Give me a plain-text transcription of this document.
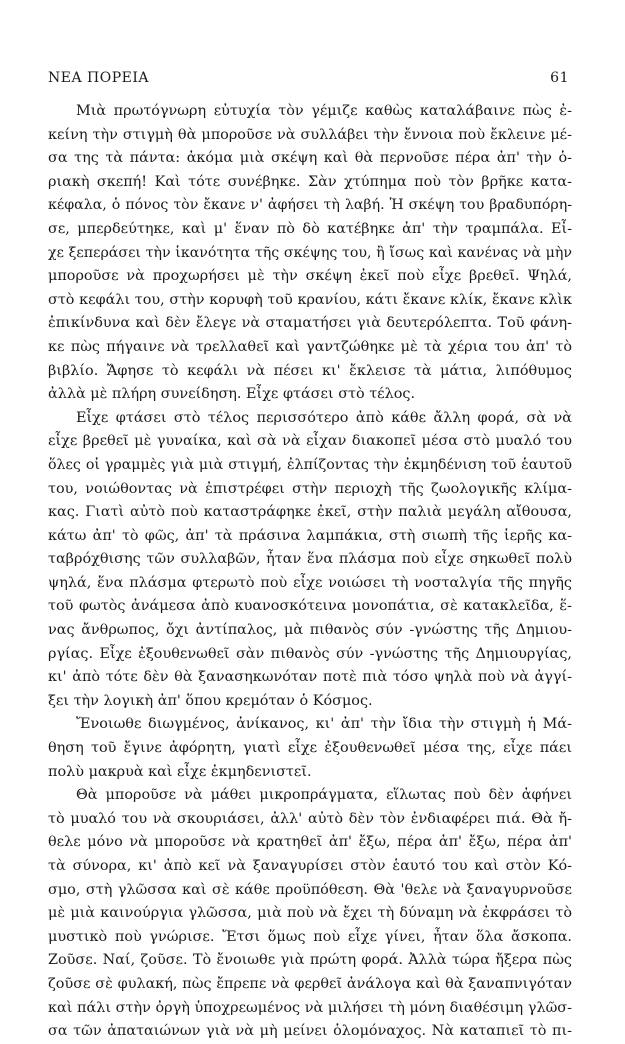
ΝΕΑ ΠΟΡΕΙΑ	61
Μιὰ πρωτόγνωρη εὐτυχία τὸν γέμιζε καθὼς καταλάβαινε πὼς ἐ-
κείνη τὴν στιγμὴ θὰ μποροῦσε νὰ συλλάβει τὴν ἔννοια ποὺ ἔκλεινε μέ-
σα της τὰ πάντα: ἀκόμα μιὰ σκέψη καὶ θὰ περνοῦσε πέρα ἀπ' τὴν ὁ-
ριακὴ σκεπή! Καὶ τότε συνέβηκε. Σὰν χτύπημα ποὺ τὸν βρῆκε κατα-
κέφαλα, ὁ πόνος τὸν ἔκανε ν' ἀφήσει τὴ λαβή. Ἡ σκέψη του βραδυπόρη-
σε, μπερδεύτηκε, καὶ μ' ἕναν πὸ δὸ κατέβηκε ἀπ' τὴν τραμπάλα. Εἶ-
χε ξεπεράσει τὴν ἱκανότητα τῆς σκέψης του, ἢ ἴσως καὶ κανένας νὰ μὴν
μποροῦσε νὰ προχωρήσει μὲ τὴν σκέψη ἐκεῖ ποὺ εἶχε βρεθεῖ. Ψηλά,
στὸ κεφάλι του, στὴν κορυφὴ τοῦ κρανίου, κάτι ἔκανε κλίκ, ἔκανε κλὶκ
ἐπικίνδυνα καὶ δὲν ἔλεγε νὰ σταματήσει γιὰ δευτερόλεπτα. Τοῦ φάνη-
κε πὼς πήγαινε νὰ τρελλαθεῖ καὶ γαντζώθηκε μὲ τὰ χέρια του ἀπ' τὸ
βιβλίο. Ἄφησε τὸ κεφάλι νὰ πέσει κι' ἔκλεισε τὰ μάτια, λιπόθυμος
ἀλλὰ μὲ πλήρη συνείδηση. Εἶχε φτάσει στὸ τέλος.
Εἶχε φτάσει στὸ τέλος περισσότερο ἀπὸ κάθε ἄλλη φορά, σὰ νὰ
εἶχε βρεθεῖ μὲ γυναίκα, καὶ σὰ νὰ εἶχαν διακοπεῖ μέσα στὸ μυαλό του
ὅλες οἱ γραμμὲς γιὰ μιὰ στιγμή, ἐλπίζοντας τὴν ἐκμηδένιση τοῦ ἑαυτοῦ
του, νοιώθοντας νὰ ἐπιστρέφει στὴν περιοχὴ τῆς ζωολογικῆς κλίμα-
κας. Γιατὶ αὐτὸ ποὺ καταστράφηκε ἐκεῖ, στὴν παλιὰ μεγάλη αἴθουσα,
κάτω ἀπ' τὸ φῶς, ἀπ' τὰ πράσινα λαμπάκια, στὴ σιωπὴ τῆς ἱερῆς κα-
ταβρόχθισης τῶν συλλαβῶν, ἦταν ἕνα πλάσμα ποὺ εἶχε σηκωθεῖ πολὺ
ψηλά, ἕνα πλάσμα φτερωτὸ ποὺ εἶχε νοιώσει τὴ νοσταλγία τῆς πηγῆς
τοῦ φωτὸς ἀνάμεσα ἀπὸ κυανοσκότεινα μονοπάτια, σὲ κατακλεῖδα, ἕ-
νας ἄνθρωπος, ὄχι ἀντίπαλος, μὰ πιθανὸς σύν -γνώστης τῆς Δημιου-
ργίας. Εἶχε ἐξουθενωθεῖ σὰν πιθανὸς σύν -γνώστης τῆς Δημιουργίας,
κι' ἀπὸ τότε δὲν θὰ ξανασηκωνόταν ποτὲ πιὰ τόσο ψηλὰ ποὺ νὰ ἀγγί-
ξει τὴν λογικὴ ἀπ' ὅπου κρεμόταν ὁ Κόσμος.
Ἔνοιωθε διωγμένος, ἀνίκανος, κι' ἀπ' τὴν ἴδια τὴν στιγμὴ ἡ Μά-
θηση τοῦ ἔγινε ἀφόρητη, γιατὶ εἶχε ἐξουθενωθεῖ μέσα της, εἶχε πάει
πολὺ μακρυὰ καὶ εἶχε ἐκμηδενιστεῖ.
Θὰ μποροῦσε νὰ μάθει μικροπράγματα, εἵλωτας ποὺ δὲν ἀφήνει
τὸ μυαλό του νὰ σκουριάσει, ἀλλ' αὐτὸ δὲν τὸν ἐνδιαφέρει πιά. Θὰ ἤ-
θελε μόνο νὰ μποροῦσε νὰ κρατηθεῖ ἀπ' ἔξω, πέρα ἀπ' ἔξω, πέρα ἀπ'
τὰ σύνορα, κι' ἀπὸ κεῖ νὰ ξαναγυρίσει στὸν ἑαυτό του καὶ στὸν Κό-
σμο, στὴ γλῶσσα καὶ σὲ κάθε προϋπόθεση. Θὰ 'θελε νὰ ξαναγυρνοῦσε
μὲ μιὰ καινούργια γλῶσσα, μιὰ ποὺ νὰ ἔχει τὴ δύναμη νὰ ἐκφράσει τὸ
μυστικὸ ποὺ γνώρισε. Ἔτσι ὅμως ποὺ εἶχε γίνει, ἦταν ὅλα ἄσκοπα.
Ζοῦσε. Ναί, ζοῦσε. Τὸ ἔνοιωθε γιὰ πρώτη φορά. Ἀλλὰ τώρα ἤξερα πὼς
ζοῦσε σὲ φυλακή, πὼς ἔπρεπε νὰ φερθεῖ ἀνάλογα καὶ θὰ ξαναπνιγόταν
καὶ πάλι στὴν ὀργὴ ὑποχρεωμένος νὰ μιλήσει τὴ μόνη διαθέσιμη γλῶσ-
σα τῶν ἀπαταιώνων γιὰ νὰ μὴ μείνει ὁλομόναχος. Νὰ καταπιεῖ τὸ πι-
